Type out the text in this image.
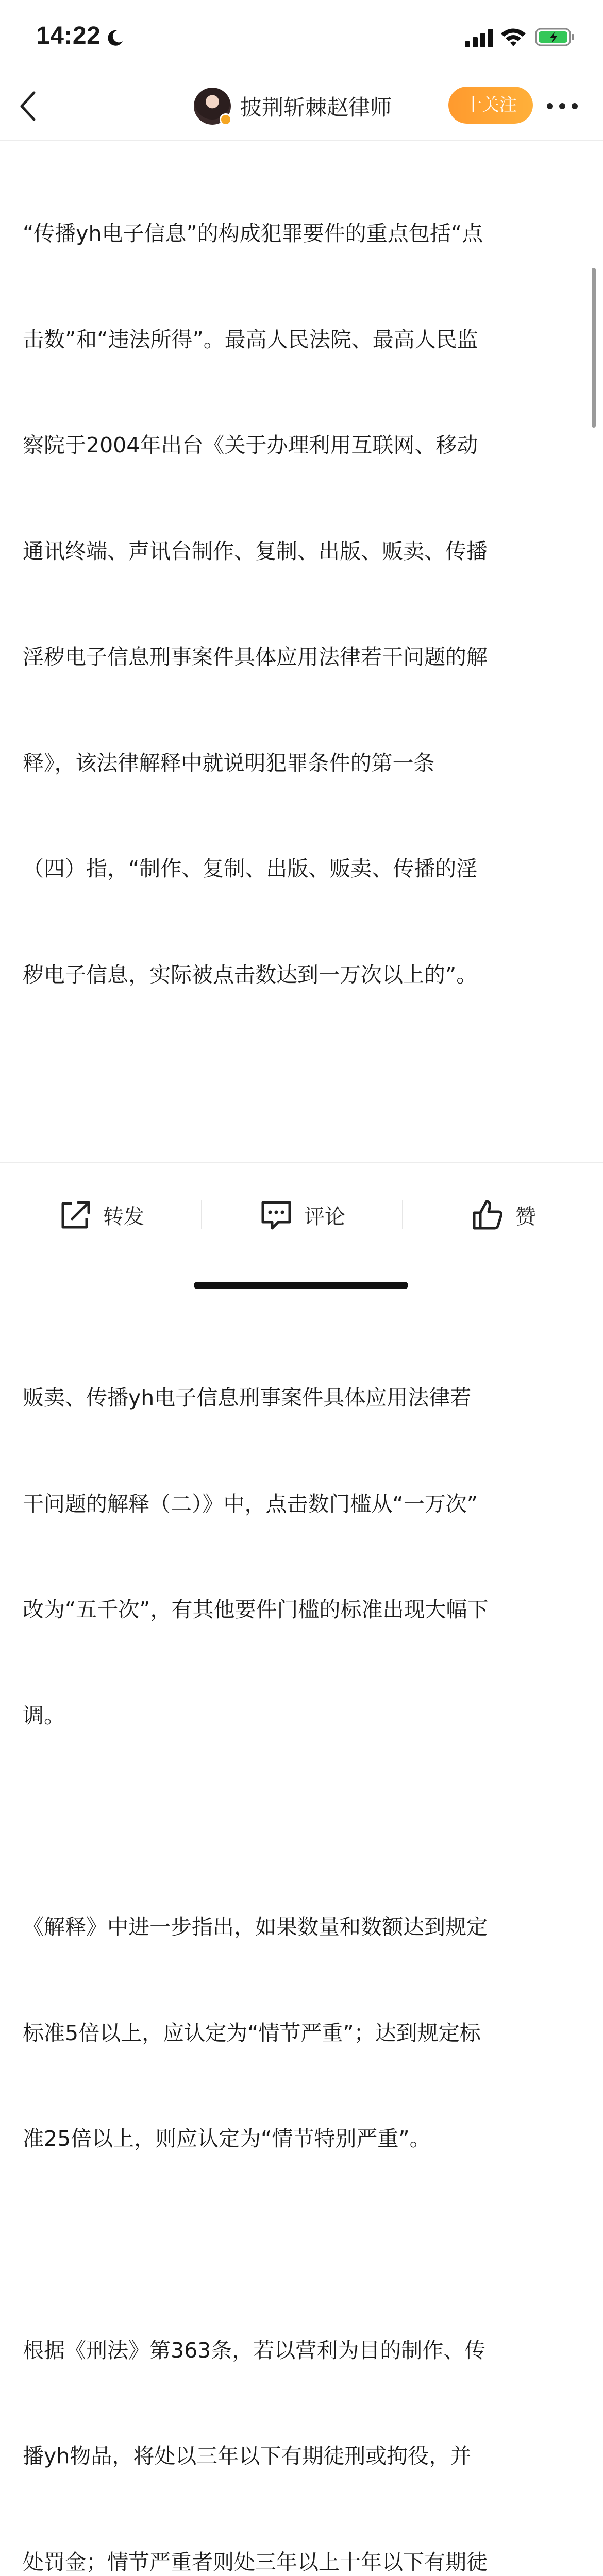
14:22
披荆斩棘赵律师	十关注

“传播yh电子信息”的构成犯罪要件的重点包括“点

击数”和“违法所得”。最高人民法院、最高人民监

察院于2004年出台《关于办理利用互联网、移动

通讯终端、声讯台制作、复制、出版、贩卖、传播

淫秽电子信息刑事案件具体应用法律若干问题的解

释》，该法律解释中就说明犯罪条件的第一条

（四）指，“制作、复制、出版、贩卖、传播的淫

秽电子信息，实际被点击数达到一万次以上的”。

贩卖、传播yh电子信息刑事案件具体应用法律若

干问题的解释（二）》中，点击数门槛从“一万次”

改为“五千次”，有其他要件门槛的标准出现大幅下

调。

《解释》中进一步指出，如果数量和数额达到规定

标准5倍以上，应认定为“情节严重”；达到规定标

准25倍以上，则应认定为“情节特别严重”。

根据《刑法》第363条，若以营利为目的制作、传

播yh物品，将处以三年以下有期徒刑或拘役，并

处罚金；情节严重者则处三年以上十年以下有期徒

转发	评论	赞
